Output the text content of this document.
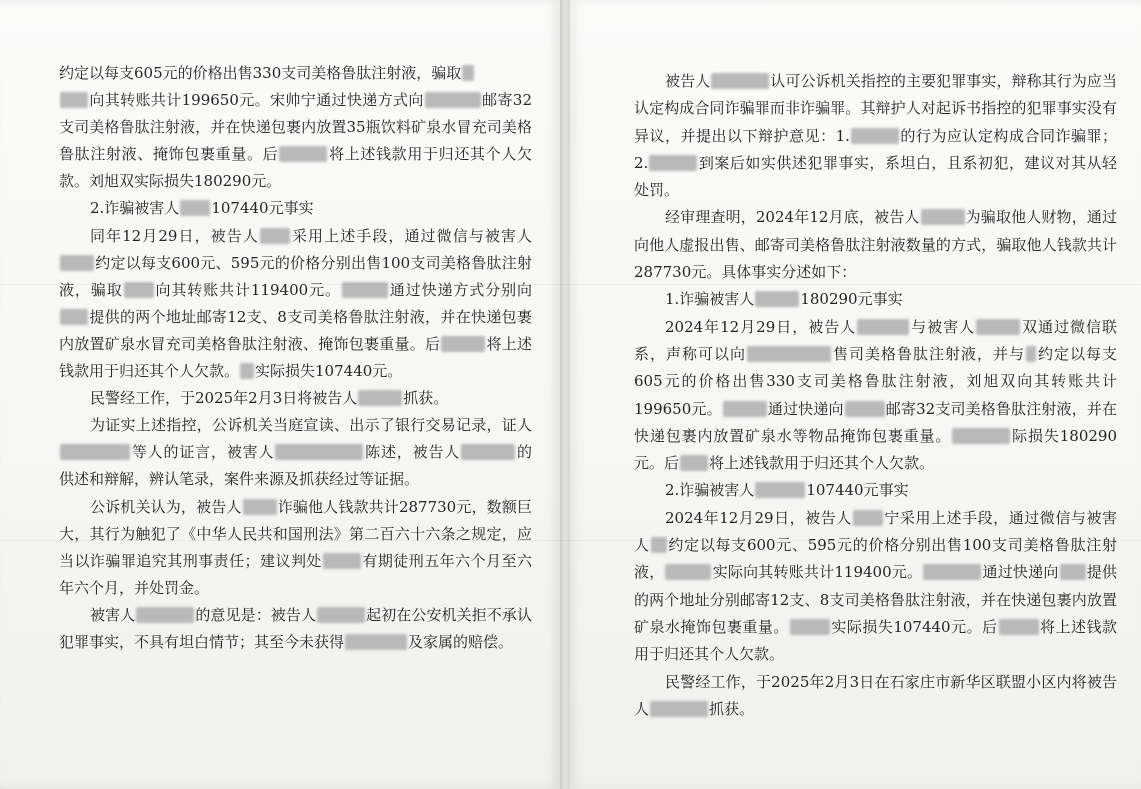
约定以每支605元的价格出售330支司美格鲁肽注射液，骗取
向其转账共计199650元。宋帅宁通过快递方式向	邮寄32支司美格鲁肽注射液，并在快递包裹内放置35瓶饮料矿泉水冒充司美格鲁肽注射液、掩饰包裹重量。后	将上述钱款用于归还其个人欠款。刘旭双实际损失180290元。

2.诈骗被害人 107440元事实

同年12月29日，被告人 采用上述手段，通过微信与被害人约定以每支600元、595元的价格分别出售100支司美格鲁肽注射液，骗取 向其转账共计119400元。	通过快递方式分别向提供的两个地址邮寄12支、8支司美格鲁肽注射液，并在快递包裹内放置矿泉水冒充司美格鲁肽注射液、掩饰包裹重量。后	将上述钱款用于归还其个人欠款。 实际损失107440元。

民警经工作，于2025年2月3日将被告人	抓获。

为证实上述指控，公诉机关当庭宣读、出示了银行交易记录，证人等人的证言，被害人	陈述，被告人	的供述和辩解，辨认笔录，案件来源及抓获经过等证据。

公诉机关认为，被告人 诈骗他人钱款共计287730元，数额巨大，其行为触犯了《中华人民共和国刑法》第二百六十六条之规定，应当以诈骗罪追究其刑事责任；建议判处	有期徒刑五年六个月至六年六个月，并处罚金。

被害人	的意见是：被告人	起初在公安机关拒不承认犯罪事实，不具有坦白情节；其至今未获得	及家属的赔偿。

被告人	认可公诉机关指控的主要犯罪事实，辩称其行为应当认定构成合同诈骗罪而非诈骗罪。其辩护人对起诉书指控的犯罪事实没有异议，并提出以下辩护意见：1.	的行为应认定构成合同诈骗罪；2.	到案后如实供述犯罪事实，系坦白，且系初犯，建议对其从轻处罚。

经审理查明，2024年12月底，被告人	为骗取他人财物，通过向他人虚报出售、邮寄司美格鲁肽注射液数量的方式，骗取他人钱款共计287730元。具体事实分述如下：

1.诈骗被害人	180290元事实

2024年12月29日，被告人	与被害人	双通过微信联系，声称可以向	售司美格鲁肽注射液，并与 约定以每支605元的价格出售330支司美格鲁肽注射液，刘旭双向其转账共计199650元。	通过快递向	邮寄32支司美格鲁肽注射液，并在快递包裹内放置矿泉水等物品掩饰包裹重量。	际损失180290元。后 将上述钱款用于归还其个人欠款。

2.诈骗被害人	107440元事实

2024年12月29日，被告人 宁采用上述手段，通过微信与被害人 约定以每支600元、595元的价格分别出售100支司美格鲁肽注射液，	实际向其转账共计119400元。	通过快递向 提供的两个地址分别邮寄12支、8支司美格鲁肽注射液，并在快递包裹内放置矿泉水掩饰包裹重量。	实际损失107440元。后	将上述钱款用于归还其个人欠款。

民警经工作，于2025年2月3日在石家庄市新华区联盟小区内将被告人	抓获。
